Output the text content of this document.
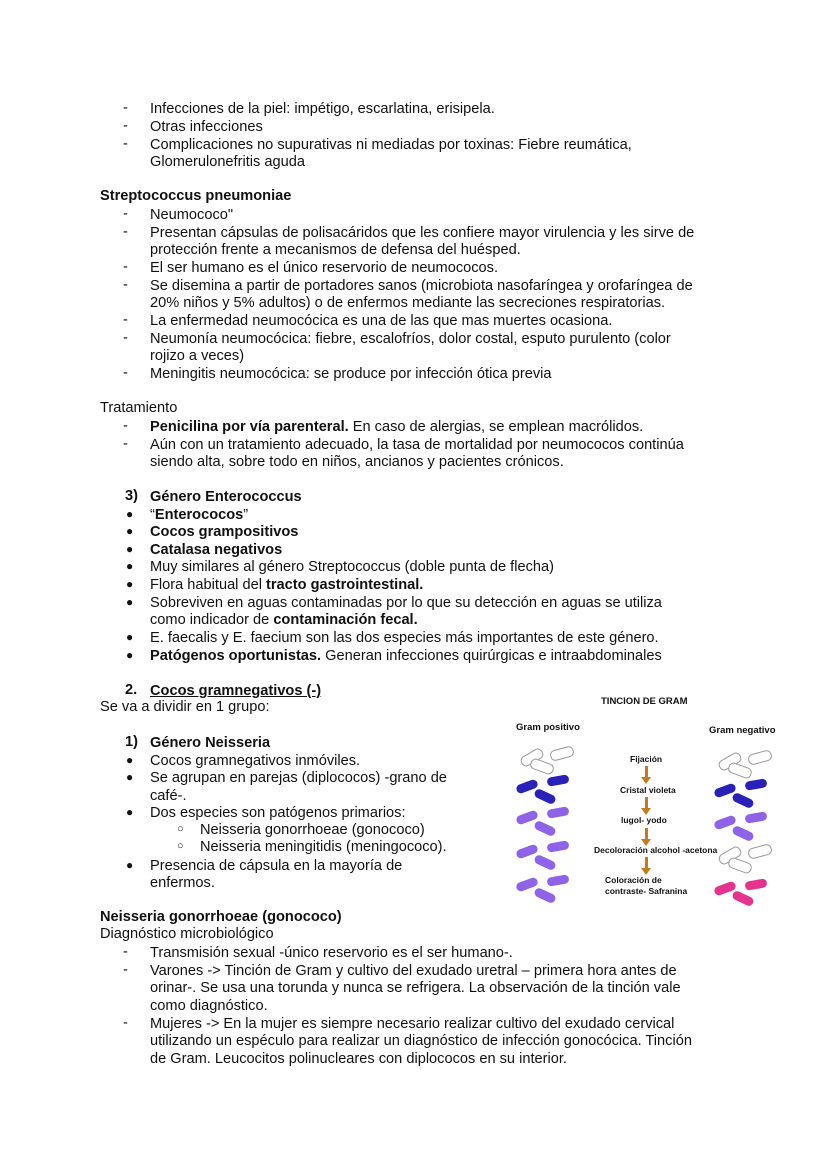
- Infecciones de la piel: impétigo, escarlatina, erisipela.
- Otras infecciones
- Complicaciones no supurativas ni mediadas por toxinas: Fiebre reumática,
Glomerulonefritis aguda
Streptococcus pneumoniae
- Neumococo"
- Presentan cápsulas de polisacáridos que les confiere mayor virulencia y les sirve de
protección frente a mecanismos de defensa del huésped.
- El ser humano es el único reservorio de neumococos.
- Se disemina a partir de portadores sanos (microbiota nasofaríngea y orofaríngea de
20% niños y 5% adultos) o de enfermos mediante las secreciones respiratorias.
- La enfermedad neumocócica es una de las que mas muertes ocasiona.
- Neumonía neumocócica: fiebre, escalofríos, dolor costal, esputo purulento (color
rojizo a veces)
- Meningitis neumocócica: se produce por infección ótica previa
Tratamiento
- Penicilina por vía parenteral. En caso de alergias, se emplean macrólidos.
- Aún con un tratamiento adecuado, la tasa de mortalidad por neumococos continúa
siendo alta, sobre todo en niños, ancianos y pacientes crónicos.
3) Género Enterococcus
● “Enterococos”
● Cocos grampositivos
● Catalasa negativos
● Muy similares al género Streptococcus (doble punta de flecha)
● Flora habitual del tracto gastrointestinal.
● Sobreviven en aguas contaminadas por lo que su detección en aguas se utiliza
como indicador de contaminación fecal.
● E. faecalis y E. faecium son las dos especies más importantes de este género.
● Patógenos oportunistas. Generan infecciones quirúrgicas e intraabdominales
2. Cocos gramnegativos (-)
Se va a dividir en 1 grupo:
1) Género Neisseria
● Cocos gramnegativos inmóviles.
● Se agrupan en parejas (diplococos) -grano de
café-.
● Dos especies son patógenos primarios:
○ Neisseria gonorrhoeae (gonococo)
○ Neisseria meningitidis (meningococo).
● Presencia de cápsula en la mayoría de
enfermos.
TINCION DE GRAM
Gram positivo	Gram negativo
Fijación
Cristal violeta
lugol- yodo
Decoloración alcohol -acetona
Coloración de
contraste- Safranina
Neisseria gonorrhoeae (gonococo)
Diagnóstico microbiológico
- Transmisión sexual -único reservorio es el ser humano-.
- Varones -> Tinción de Gram y cultivo del exudado uretral – primera hora antes de
orinar-. Se usa una torunda y nunca se refrigera. La observación de la tinción vale
como diagnóstico.
- Mujeres -> En la mujer es siempre necesario realizar cultivo del exudado cervical
utilizando un espéculo para realizar un diagnóstico de infección gonocócica. Tinción
de Gram. Leucocitos polinucleares con diplococos en su interior.
